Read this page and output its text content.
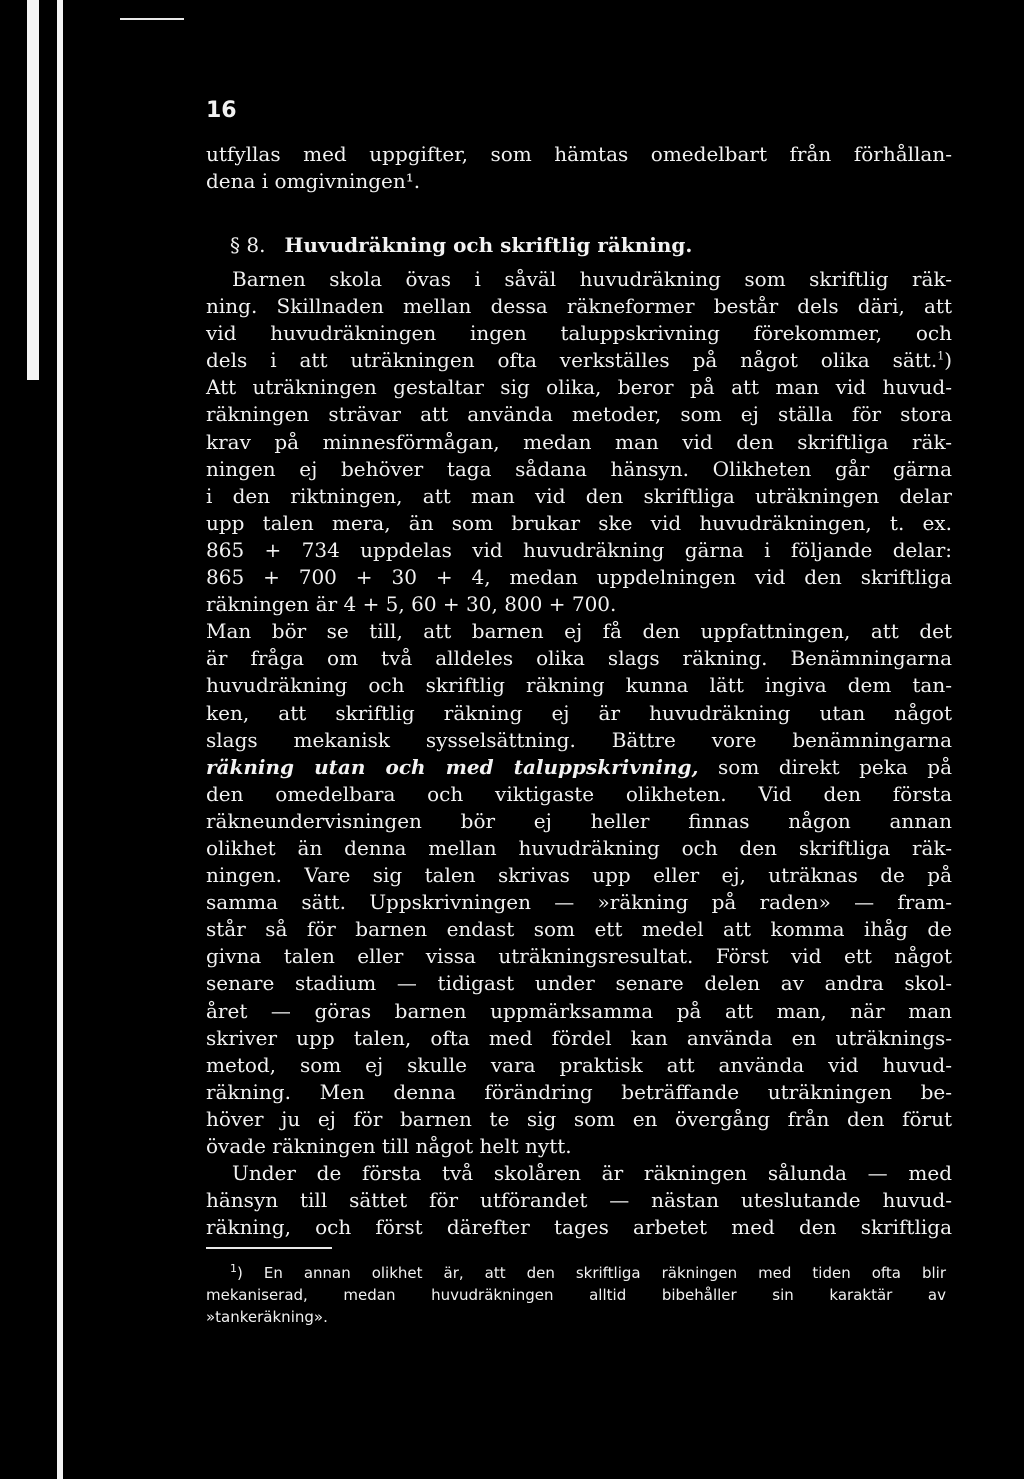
16
utfyllas med uppgifter, som hämtas omedelbart från förhållan-
dena i omgivningen¹.
§ 8. Huvudräkning och skriftlig räkning.
Barnen skola övas i såväl huvudräkning som skriftlig räk-
ning. Skillnaden mellan dessa räkneformer består dels däri, att
vid huvudräkningen ingen taluppskrivning förekommer, och
dels i att uträkningen ofta verkställes på något olika sätt.$^1$)
Att uträkningen gestaltar sig olika, beror på att man vid huvud-
räkningen strävar att använda metoder, som ej ställa för stora
krav på minnesförmågan, medan man vid den skriftliga räk-
ningen ej behöver taga sådana hänsyn. Olikheten går gärna
i den riktningen, att man vid den skriftliga uträkningen delar
upp talen mera, än som brukar ske vid huvudräkningen, t. ex.
865 + 734 uppdelas vid huvudräkning gärna i följande delar:
865 + 700 + 30 + 4, medan uppdelningen vid den skriftliga
räkningen är 4 + 5, 60 + 30, 800 + 700.
Man bör se till, att barnen ej få den uppfattningen, att det
är fråga om två alldeles olika slags räkning. Benämningarna
huvudräkning och skriftlig räkning kunna lätt ingiva dem tan-
ken, att skriftlig räkning ej är huvudräkning utan något
slags mekanisk sysselsättning. Bättre vore benämningarna
räkning utan och med taluppskrivning, som direkt peka på
den omedelbara och viktigaste olikheten. Vid den första
räkneundervisningen bör ej heller finnas någon annan
olikhet än denna mellan huvudräkning och den skriftliga räk-
ningen. Vare sig talen skrivas upp eller ej, uträknas de på
samma sätt. Uppskrivningen — »räkning på raden» — fram-
står så för barnen endast som ett medel att komma ihåg de
givna talen eller vissa uträkningsresultat. Först vid ett något
senare stadium — tidigast under senare delen av andra skol-
året — göras barnen uppmärksamma på att man, när man
skriver upp talen, ofta med fördel kan använda en uträknings-
metod, som ej skulle vara praktisk att använda vid huvud-
räkning. Men denna förändring beträffande uträkningen be-
höver ju ej för barnen te sig som en övergång från den förut
övade räkningen till något helt nytt.
Under de första två skolåren är räkningen sålunda — med
hänsyn till sättet för utförandet — nästan uteslutande huvud-
räkning, och först därefter tages arbetet med den skriftliga
$^1$) En annan olikhet är, att den skriftliga räkningen med tiden ofta blir
mekaniserad, medan huvudräkningen alltid bibehåller sin karaktär av
»tankeräkning».
